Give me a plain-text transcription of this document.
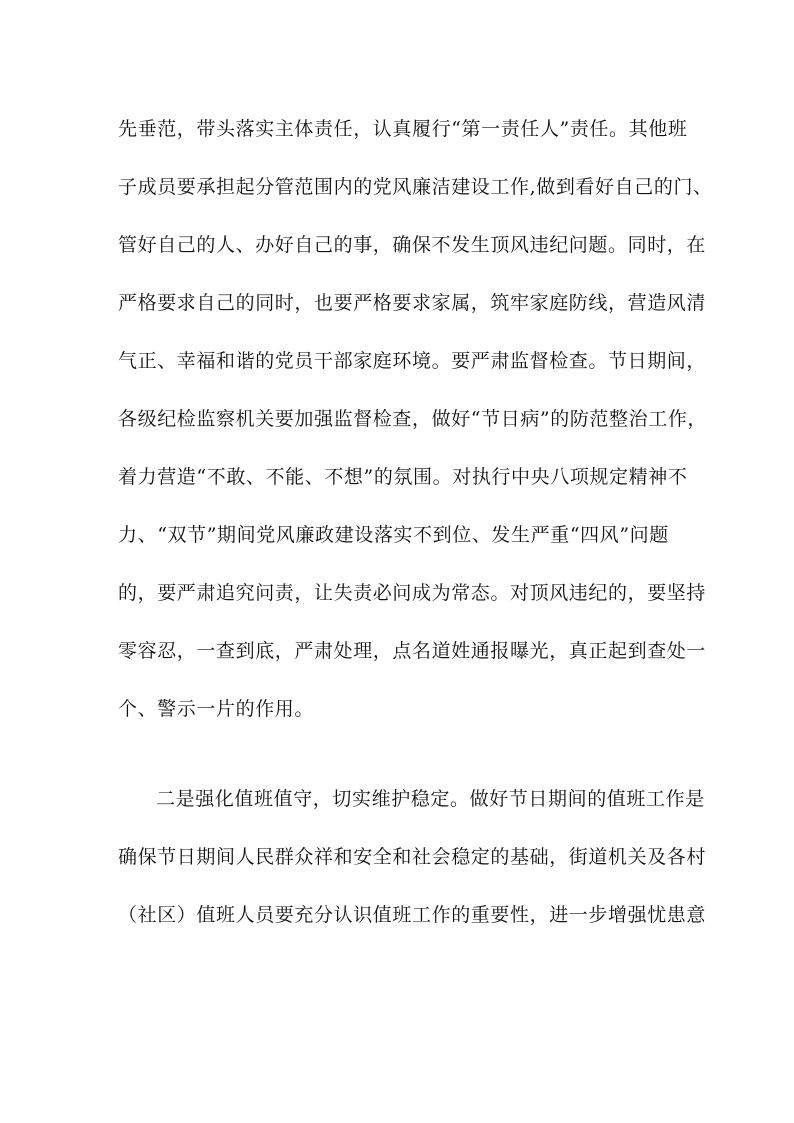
先垂范，带头落实主体责任，认真履行“第一责任人”责任。其他班
子成员要承担起分管范围内的党风廉洁建设工作,做到看好自己的门、
管好自己的人、办好自己的事，确保不发生顶风违纪问题。同时，在
严格要求自己的同时，也要严格要求家属，筑牢家庭防线，营造风清
气正、幸福和谐的党员干部家庭环境。要严肃监督检查。节日期间，
各级纪检监察机关要加强监督检查，做好“节日病”的防范整治工作，
着力营造“不敢、不能、不想”的氛围。对执行中央八项规定精神不
力、“双节”期间党风廉政建设落实不到位、发生严重“四风”问题
的，要严肃追究问责，让失责必问成为常态。对顶风违纪的，要坚持
零容忍，一查到底，严肃处理，点名道姓通报曝光，真正起到查处一
个、警示一片的作用。
二是强化值班值守，切实维护稳定。做好节日期间的值班工作是
确保节日期间人民群众祥和安全和社会稳定的基础，街道机关及各村
（社区）值班人员要充分认识值班工作的重要性，进一步增强忧患意
